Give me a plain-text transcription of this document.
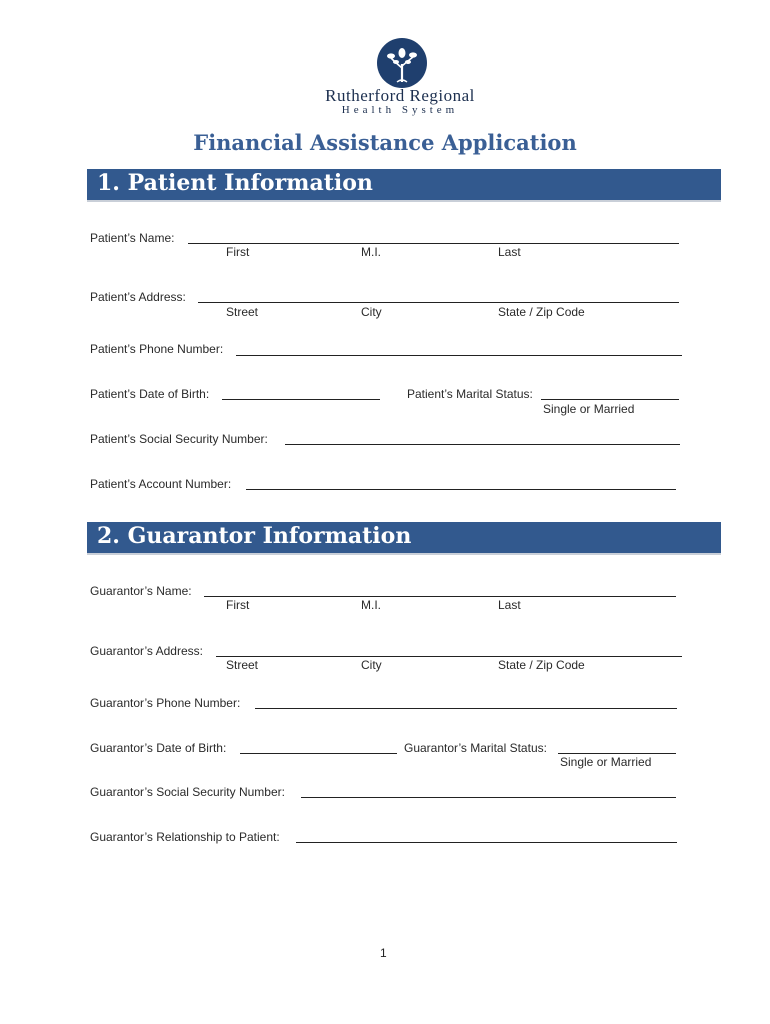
Rutherford Regional
Health System
Financial Assistance Application
1. Patient Information
Patient’s Name:
First	M.I.	Last
Patient’s Address:
Street	City	State / Zip Code
Patient’s Phone Number:
Patient’s Date of Birth:	Patient’s Marital Status:
Single or Married
Patient’s Social Security Number:
Patient’s Account Number:
2. Guarantor Information
Guarantor’s Name:
First	M.I.	Last
Guarantor’s Address:
Street	City	State / Zip Code
Guarantor’s Phone Number:
Guarantor’s Date of Birth:	Guarantor’s Marital Status:
Single or Married
Guarantor’s Social Security Number:
Guarantor’s Relationship to Patient:
1
